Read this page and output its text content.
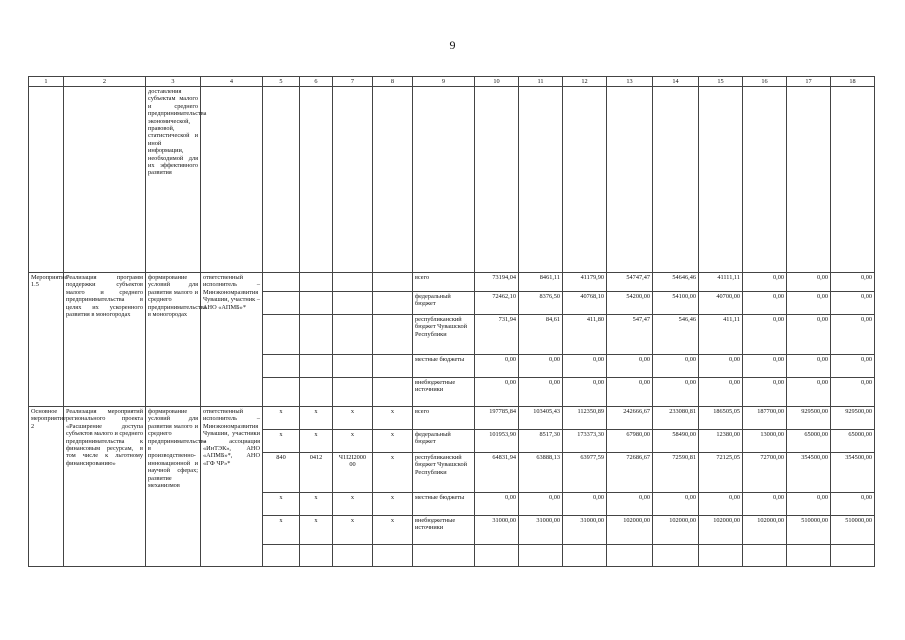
9
1	2	3	4	5	6	7	8	9	10	11	12	13	14	15	16	17	18
		доставления субъектам малого и среднего предпринимательства экономической, правовой, статистической и иной информации, необходимой для их эффективного развития															
Мероприятие 1.5	Реализация программ поддержки субъектов малого и среднего предпринимательства в целях их ускоренного развития в моногородах	формирование условий для развития малого и среднего предпринимательства в моногородах	ответственный исполнитель – Минэкономразвития Чувашии, участник – АНО «АПМБ»*					всего	73194,04	8461,11	41179,90	54747,47	54646,46	41111,11	0,00	0,00	0,00
								федеральный бюджет	72462,10	8376,50	40768,10	54200,00	54100,00	40700,00	0,00	0,00	0,00
								республиканский бюджет Чувашской Республики	731,94	84,61	411,80	547,47	546,46	411,11	0,00	0,00	0,00
								местные бюджеты	0,00	0,00	0,00	0,00	0,00	0,00	0,00	0,00	0,00
								внебюджетные источники	0,00	0,00	0,00	0,00	0,00	0,00	0,00	0,00	0,00
Основное мероприятие 2	Реализация мероприятий регионального проекта «Расширение доступа субъектов малого и среднего предпринимательства к финансовым ресурсам, в том числе к льготному финансированию»	формирование условий для развития малого и среднего предпринимательства в производственно-инновационной и научной сферах; развитие механизмов	ответственный исполнитель – Минэкономразвития Чувашии, участники – ассоциация «ИнТЭК», АНО «АПМБ»*, АНО «ГФ ЧР»*	x	x	x	x	всего	197785,84	103405,43	112350,89	242666,67	233080,81	186505,05	187700,00	929500,00	929500,00
				x	x	x	x	федеральный бюджет	101953,90	8517,30	173373,30	67980,00	58490,00	12380,00	13000,00	65000,00	65000,00
				840	0412	Ч1I2I2000 00	x	республиканский бюджет Чувашской Республики	64831,94	63888,13	63977,59	72686,67	72590,81	72125,05	72700,00	354500,00	354500,00
				x	x	x	x	местные бюджеты	0,00	0,00	0,00	0,00	0,00	0,00	0,00	0,00	0,00
				x	x	x	x	внебюджетные источники	31000,00	31000,00	31000,00	102000,00	102000,00	102000,00	102000,00	510000,00	510000,00
